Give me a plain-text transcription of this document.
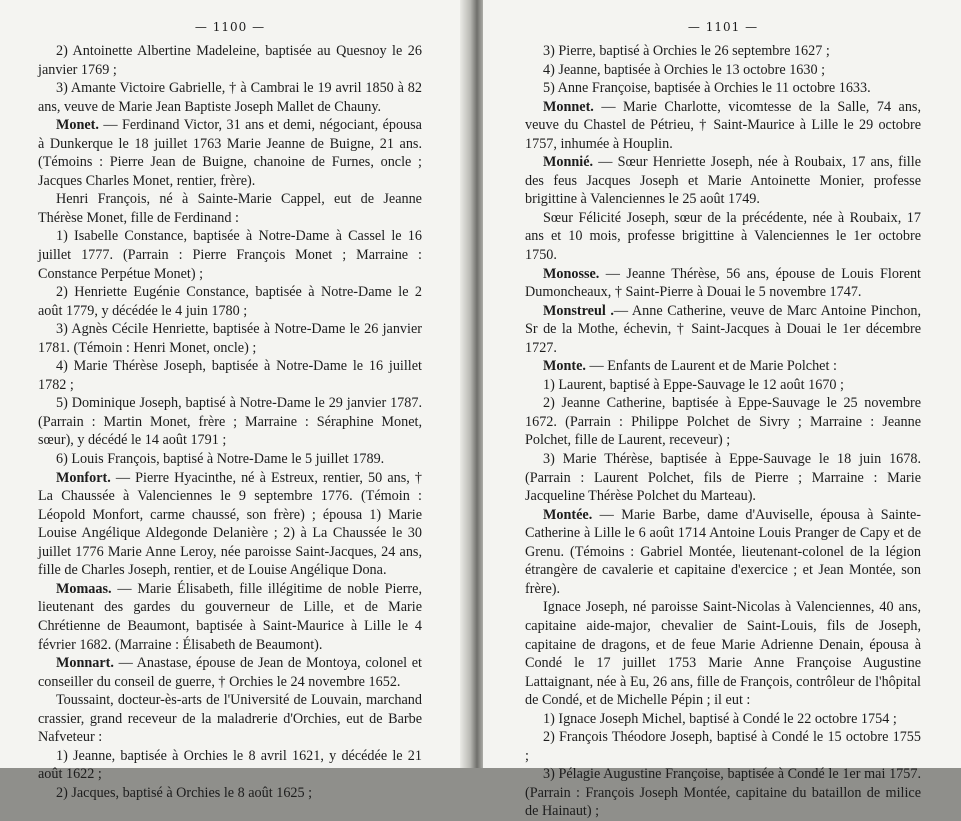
— 1100 —

2) Antoinette Albertine Madeleine, baptisée au Quesnoy le 26 janvier 1769 ;

3) Amante Victoire Gabrielle, † à Cambrai le 19 avril 1850 à 82 ans, veuve de Marie Jean Baptiste Joseph Mallet de Chauny.

Monet. — Ferdinand Victor, 31 ans et demi, négociant, épousa à Dunkerque le 18 juillet 1763 Marie Jeanne de Buigne, 21 ans. (Témoins : Pierre Jean de Buigne, chanoine de Furnes, oncle ; Jacques Charles Monet, rentier, frère).

Henri François, né à Sainte-Marie Cappel, eut de Jeanne Thérèse Monet, fille de Ferdinand :

1) Isabelle Constance, baptisée à Notre-Dame à Cassel le 16 juillet 1777. (Parrain : Pierre François Monet ; Marraine : Constance Perpétue Monet) ;

2) Henriette Eugénie Constance, baptisée à Notre-Dame le 2 août 1779, y décédée le 4 juin 1780 ;

3) Agnès Cécile Henriette, baptisée à Notre-Dame le 26 janvier 1781. (Témoin : Henri Monet, oncle) ;

4) Marie Thérèse Joseph, baptisée à Notre-Dame le 16 juillet 1782 ;

5) Dominique Joseph, baptisé à Notre-Dame le 29 janvier 1787. (Parrain : Martin Monet, frère ; Marraine : Séraphine Monet, sœur), y décédé le 14 août 1791 ;

6) Louis François, baptisé à Notre-Dame le 5 juillet 1789.

Monfort. — Pierre Hyacinthe, né à Estreux, rentier, 50 ans, † La Chaussée à Valenciennes le 9 septembre 1776. (Témoin : Léopold Monfort, carme chaussé, son frère) ; épousa 1) Marie Louise Angélique Aldegonde Delanière ; 2) à La Chaussée le 30 juillet 1776 Marie Anne Leroy, née paroisse Saint-Jacques, 24 ans, fille de Charles Joseph, rentier, et de Louise Angélique Dona.

Momaas. — Marie Élisabeth, fille illégitime de noble Pierre, lieutenant des gardes du gouverneur de Lille, et de Marie Chrétienne de Beaumont, baptisée à Saint-Maurice à Lille le 4 février 1682. (Marraine : Élisabeth de Beaumont).

Monnart. — Anastase, épouse de Jean de Montoya, colonel et conseiller du conseil de guerre, † Orchies le 24 novembre 1652.

Toussaint, docteur-ès-arts de l'Université de Louvain, marchand crassier, grand receveur de la maladrerie d'Orchies, eut de Barbe Nafveteur :

1) Jeanne, baptisée à Orchies le 8 avril 1621, y décédée le 21 août 1622 ;

2) Jacques, baptisé à Orchies le 8 août 1625 ;

— 1101 —

3) Pierre, baptisé à Orchies le 26 septembre 1627 ;

4) Jeanne, baptisée à Orchies le 13 octobre 1630 ;

5) Anne Françoise, baptisée à Orchies le 11 octobre 1633.

Monnet. — Marie Charlotte, vicomtesse de la Salle, 74 ans, veuve du Chastel de Pétrieu, † Saint-Maurice à Lille le 29 octobre 1757, inhumée à Houplin.

Monnié. — Sœur Henriette Joseph, née à Roubaix, 17 ans, fille des feus Jacques Joseph et Marie Antoinette Monier, professe brigittine à Valenciennes le 25 août 1749.

Sœur Félicité Joseph, sœur de la précédente, née à Roubaix, 17 ans et 10 mois, professe brigittine à Valenciennes le 1er octobre 1750.

Monosse. — Jeanne Thérèse, 56 ans, épouse de Louis Florent Dumoncheaux, † Saint-Pierre à Douai le 5 novembre 1747.

Monstreul .— Anne Catherine, veuve de Marc Antoine Pinchon, Sr de la Mothe, échevin, † Saint-Jacques à Douai le 1er décembre 1727.

Monte. — Enfants de Laurent et de Marie Polchet :

1) Laurent, baptisé à Eppe-Sauvage le 12 août 1670 ;

2) Jeanne Catherine, baptisée à Eppe-Sauvage le 25 novembre 1672. (Parrain : Philippe Polchet de Sivry ; Marraine : Jeanne Polchet, fille de Laurent, receveur) ;

3) Marie Thérèse, baptisée à Eppe-Sauvage le 18 juin 1678. (Parrain : Laurent Polchet, fils de Pierre ; Marraine : Marie Jacqueline Thérèse Polchet du Marteau).

Montée. — Marie Barbe, dame d'Auviselle, épousa à Sainte-Catherine à Lille le 6 août 1714 Antoine Louis Pranger de Capy et de Grenu. (Témoins : Gabriel Montée, lieutenant-colonel de la légion étrangère de cavalerie et capitaine d'exercice ; et Jean Montée, son frère).

Ignace Joseph, né paroisse Saint-Nicolas à Valenciennes, 40 ans, capitaine aide-major, chevalier de Saint-Louis, fils de Joseph, capitaine de dragons, et de feue Marie Adrienne Denain, épousa à Condé le 17 juillet 1753 Marie Anne Françoise Augustine Lattaignant, née à Eu, 26 ans, fille de François, contrôleur de l'hôpital de Condé, et de Michelle Pépin ; il eut :

1) Ignace Joseph Michel, baptisé à Condé le 22 octobre 1754 ;

2) François Théodore Joseph, baptisé à Condé le 15 octobre 1755 ;

3) Pélagie Augustine Françoise, baptisée à Condé le 1er mai 1757. (Parrain : François Joseph Montée, capitaine du bataillon de milice de Hainaut) ;
